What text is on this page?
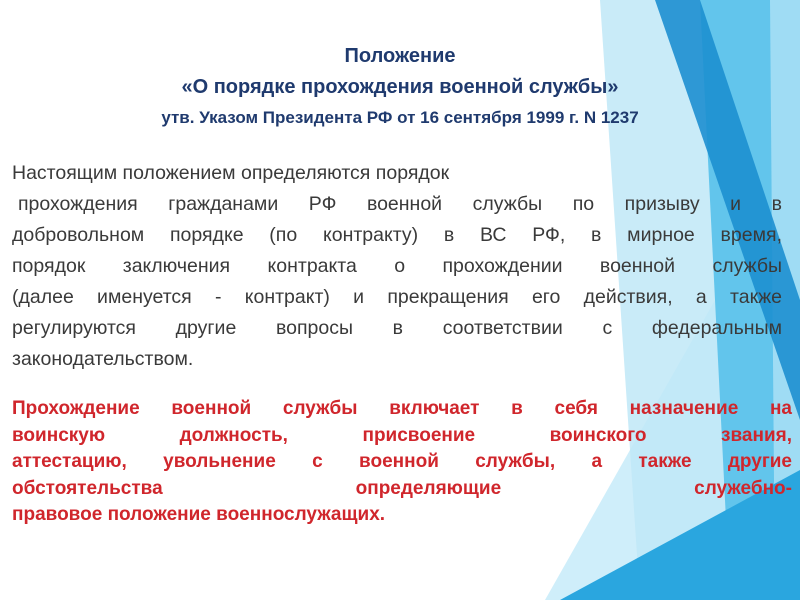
Положение
«О порядке прохождения военной службы»
утв. Указом Президента РФ от 16 сентября 1999 г. N 1237
Настоящим положением определяются порядок
прохождения гражданами РФ военной службы по призыву и в
добровольном порядке (по контракту) в ВС РФ, в мирное время,
порядок заключения контракта о прохождении военной службы
(далее именуется - контракт) и прекращения его действия, а также
регулируются другие вопросы в соответствии с федеральным
законодательством.
Прохождение военной службы включает в себя назначение на
воинскую должность, присвоение воинского звания,
аттестацию, увольнение с военной службы, а также другие
обстоятельства определяющие служебно-
правовое положение военнослужащих.
